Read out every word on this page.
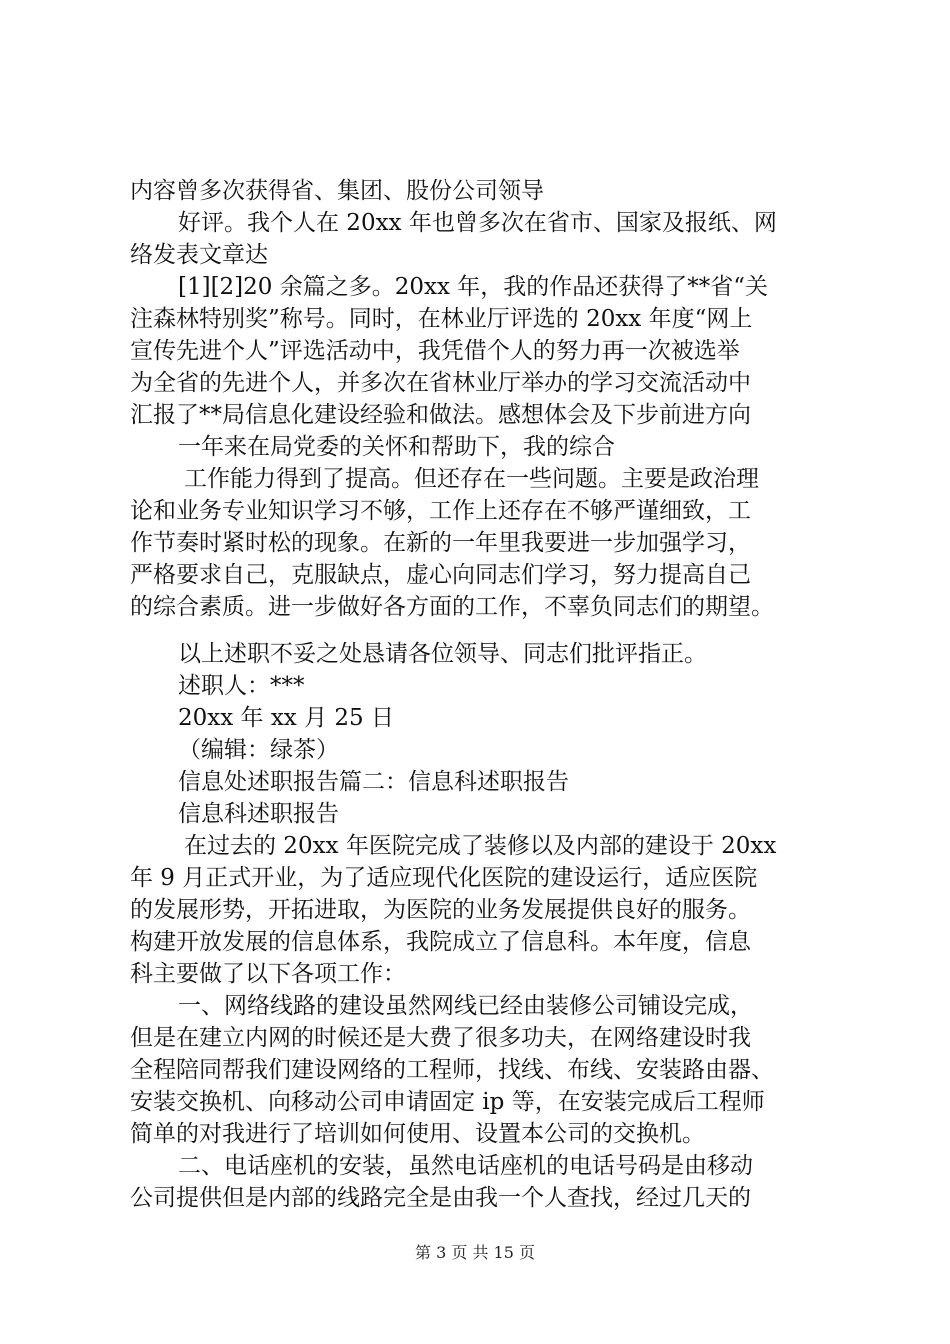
内容曾多次获得省、集团、股份公司领导
好评。我个人在 20xx 年也曾多次在省市、国家及报纸、网
络发表文章达
[1][2]20 余篇之多。20xx 年，我的作品还获得了**省“关
注森林特别奖”称号。同时，在林业厅评选的 20xx 年度“网上
宣传先进个人”评选活动中，我凭借个人的努力再一次被选举
为全省的先进个人，并多次在省林业厅举办的学习交流活动中
汇报了**局信息化建设经验和做法。感想体会及下步前进方向
一年来在局党委的关怀和帮助下，我的综合
工作能力得到了提高。但还存在一些问题。主要是政治理
论和业务专业知识学习不够，工作上还存在不够严谨细致，工
作节奏时紧时松的现象。在新的一年里我要进一步加强学习，
严格要求自己，克服缺点，虚心向同志们学习，努力提高自己
的综合素质。进一步做好各方面的工作，不辜负同志们的期望。
以上述职不妥之处恳请各位领导、同志们批评指正。
述职人：***
20xx 年 xx 月 25 日
（编辑：绿茶）
信息处述职报告篇二：信息科述职报告
信息科述职报告
在过去的 20xx 年医院完成了装修以及内部的建设于 20xx
年 9 月正式开业，为了适应现代化医院的建设运行，适应医院
的发展形势，开拓进取，为医院的业务发展提供良好的服务。
构建开放发展的信息体系，我院成立了信息科。本年度，信息
科主要做了以下各项工作：
一、网络线路的建设虽然网线已经由装修公司铺设完成，
但是在建立内网的时候还是大费了很多功夫，在网络建设时我
全程陪同帮我们建设网络的工程师，找线、布线、安装路由器、
安装交换机、向移动公司申请固定 ip 等，在安装完成后工程师
简单的对我进行了培训如何使用、设置本公司的交换机。
二、电话座机的安装，虽然电话座机的电话号码是由移动
公司提供但是内部的线路完全是由我一个人查找，经过几天的
第 3 页 共 15 页
